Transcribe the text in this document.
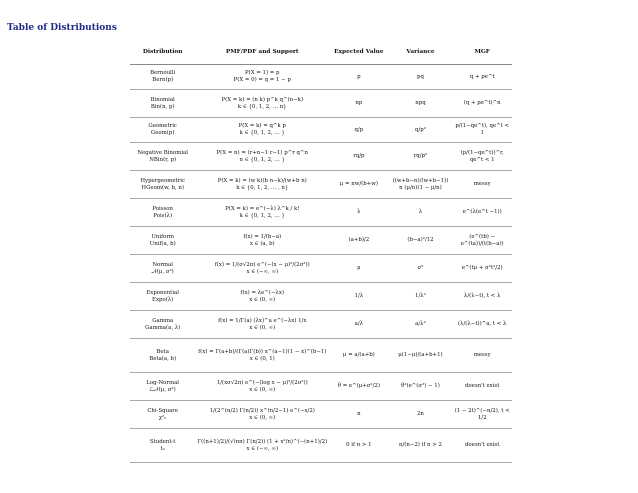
Table of Distributions
Distribution	PMF/PDF and Support	Expected Value	Variance	MGF

Bernoulli
Bern(p)	P(X = 1) = p
P(X = 0) = q = 1 − p	p	pq	q + pe^t

Binomial
Bin(n, p)	P(X = k) = (n k) p^k q^(n−k)
k ∈ {0, 1, 2, … n}	np	npq	(q + pe^t)^n

Geometric
Geom(p)	P(X = k) = q^k p
k ∈ {0, 1, 2, … }	q/p	q/p²	p/(1−qe^t), qe^t < 1

Negative Binomial
NBin(r, p)	P(X = n) = (r+n−1 r−1) p^r q^n
n ∈ {0, 1, 2, … }	rq/p	rq/p²	(p/(1−qe^t))^r, qe^t < 1

Hypergeometric
HGeom(w, b, n)	P(X = k) = (w k)(b n−k)/(w+b n)
k ∈ {0, 1, 2, … , n}	μ = nw/(b+w)	((w+b−n)/(w+b−1)) n (μ/n)(1 − μ/n)	messy

Poisson
Pois(λ)	P(X = k) = e^(−λ) λ^k / k!
k ∈ {0, 1, 2, … }	λ	λ	e^(λ(e^t −1))

Uniform
Unif(a, b)	f(x) = 1/(b−a)
x ∈ (a, b)	(a+b)/2	(b−a)²/12	(e^(tb) − e^(ta))/(t(b−a))

Normal
𝒩(μ, σ²)	f(x) = 1/(σ√2π) e^(−(x − μ)²/(2σ²))
x ∈ (−∞, ∞)	μ	σ²	e^(tμ + σ²t²/2)

Exponential
Expo(λ)	f(x) = λe^(−λx)
x ∈ (0, ∞)	1/λ	1/λ²	λ/(λ−t), t < λ

Gamma
Gamma(a, λ)	f(x) = 1/Γ(a) (λx)^a e^(−λx) 1/x
x ∈ (0, ∞)	a/λ	a/λ²	(λ/(λ−t))^a, t < λ

Beta
Beta(a, b)	f(x) = Γ(a+b)/(Γ(a)Γ(b)) x^(a−1)(1 − x)^(b−1)
x ∈ (0, 1)	μ = a/(a+b)	μ(1−μ)/(a+b+1)	messy

Log-Normal
ℒ𝒩(μ, σ²)	1/(xσ√2π) e^(−(log x − μ)²/(2σ²))
x ∈ (0, ∞)	θ = e^(μ+σ²/2)	θ²(e^(σ²) − 1)	doesn't exist

Chi-Square
χ²ₙ	1/(2^(n/2) Γ(n/2)) x^(n/2−1) e^(−x/2)
x ∈ (0, ∞)	n	2n	(1 − 2t)^(−n/2), t < 1/2

Student-t
tₙ	Γ((n+1)/2)/(√(nπ) Γ(n/2)) (1 + x²/n)^(−(n+1)/2)
x ∈ (−∞, ∞)	0 if n > 1	n/(n−2) if n > 2	doesn't exist
